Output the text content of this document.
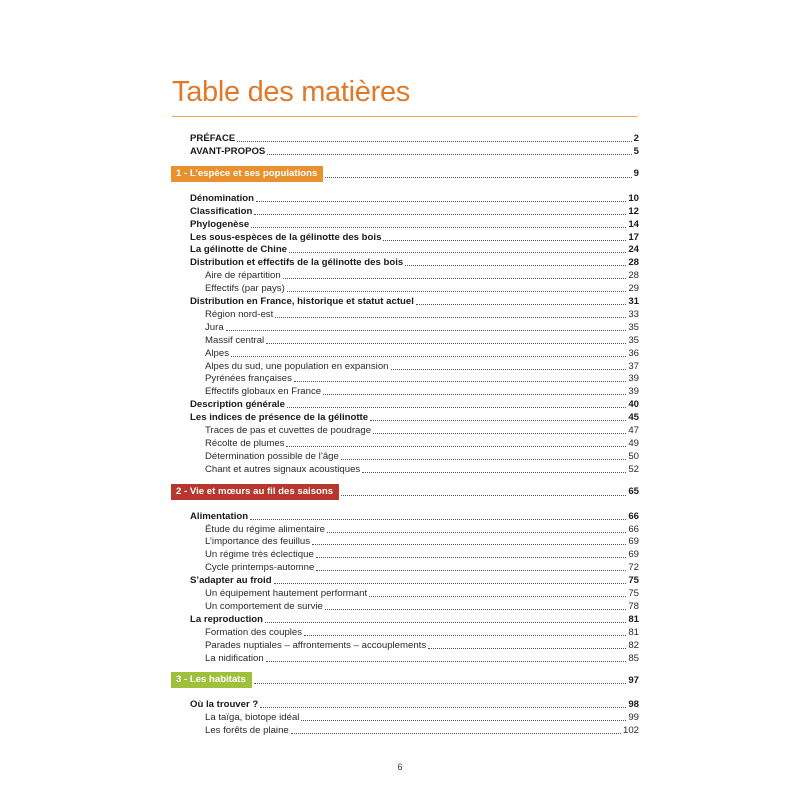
Table des matières
PRÉFACE	2
AVANT-PROPOS	5
1 - L’espèce et ses populations	9
Dénomination	10
Classification	12
Phylogenèse	14
Les sous-espèces de la gélinotte des bois	17
La gélinotte de Chine	24
Distribution et effectifs de la gélinotte des bois	28
Aire de répartition	28
Effectifs (par pays)	29
Distribution en France, historique et statut actuel	31
Région nord-est	33
Jura	35
Massif central	35
Alpes	36
Alpes du sud, une population en expansion	37
Pyrénées françaises	39
Effectifs globaux en France	39
Description générale	40
Les indices de présence de la gélinotte	45
Traces de pas et cuvettes de poudrage	47
Récolte de plumes	49
Détermination possible de l’âge	50
Chant et autres signaux acoustiques	52
2 - Vie et mœurs au fil des saisons	65
Alimentation	66
Étude du régime alimentaire	66
L’importance des feuillus	69
Un régime très éclectique	69
Cycle printemps-automne	72
S’adapter au froid	75
Un équipement hautement performant	75
Un comportement de survie	78
La reproduction	81
Formation des couples	81
Parades nuptiales – affrontements – accouplements	82
La nidification	85
3 - Les habitats	97
Où la trouver ?	98
La taïga, biotope idéal	99
Les forêts de plaine	102
6
